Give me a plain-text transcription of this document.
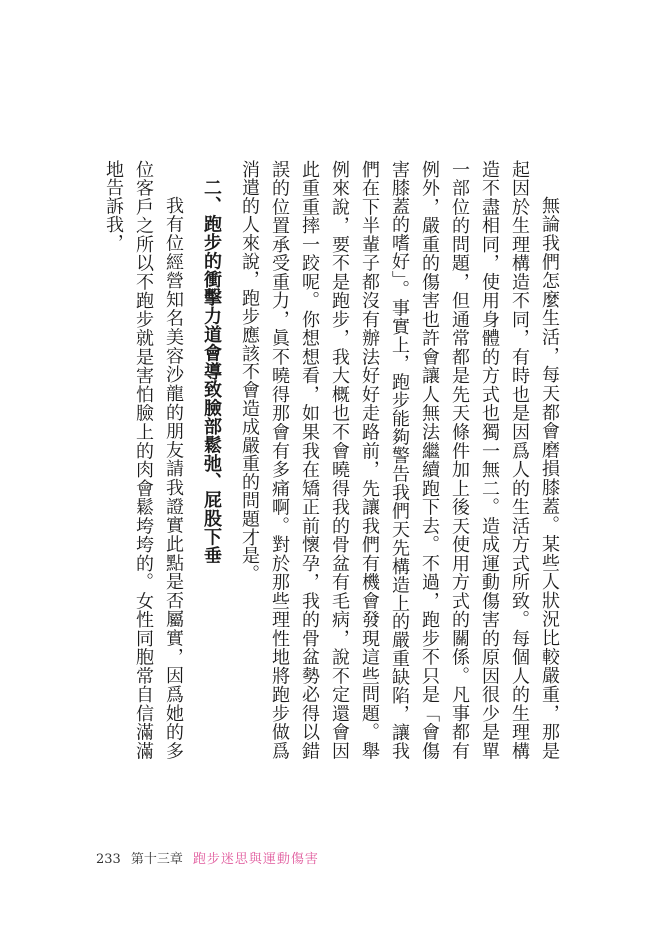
無論我們怎麼生活，每天都會磨損膝蓋。某些人狀況比較嚴重，那是起因於生理構造不同，有時也是因爲人的生活方式所致。每個人的生理構造不盡相同，使用身體的方式也獨一無二。造成運動傷害的原因很少是單一部位的問題，但通常都是先天條件加上後天使用方式的關係。凡事都有例外，嚴重的傷害也許會讓人無法繼續跑下去。不過，跑步不只是「會傷害膝蓋的嗜好」。事實上，跑步能夠警告我們天先構造上的嚴重缺陷，讓我們在下半輩子都沒有辦法好好走路前，先讓我們有機會發現這些問題。舉例來說，要不是跑步，我大概也不會曉得我的骨盆有毛病，說不定還會因此重重摔一跤呢。你想想看，如果我在矯正前懷孕，我的骨盆勢必得以錯誤的位置承受重力，眞不曉得那會有多痛啊。對於那些理性地將跑步做爲消遣的人來說，跑步應該不會造成嚴重的問題才是。

二、跑步的衝擊力道會導致臉部鬆弛、屁股下垂

我有位經營知名美容沙龍的朋友請我證實此點是否屬實，因爲她的多位客戶之所以不跑步就是害怕臉上的肉會鬆垮垮的。女性同胞常自信滿滿地告訴我，

233 第十三章 跑步迷思與運動傷害
